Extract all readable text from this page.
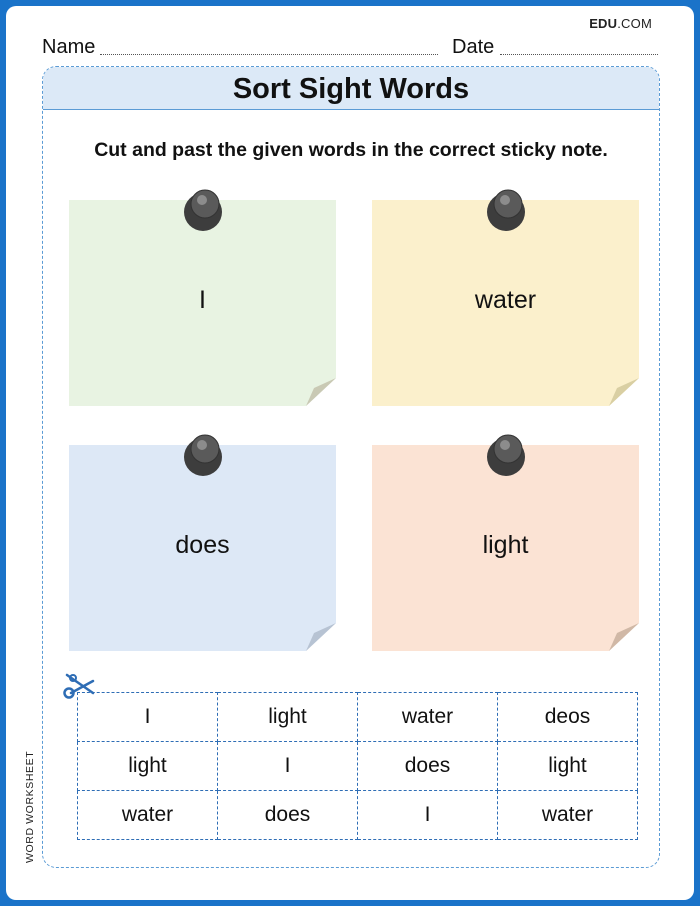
EDU.COM
Name	Date
Sort Sight Words
Cut and past the given words in the correct sticky note.
I	water
does	light
WORD WORKSHEET
I	light	water	deos
light	I	does	light
water	does	I	water
